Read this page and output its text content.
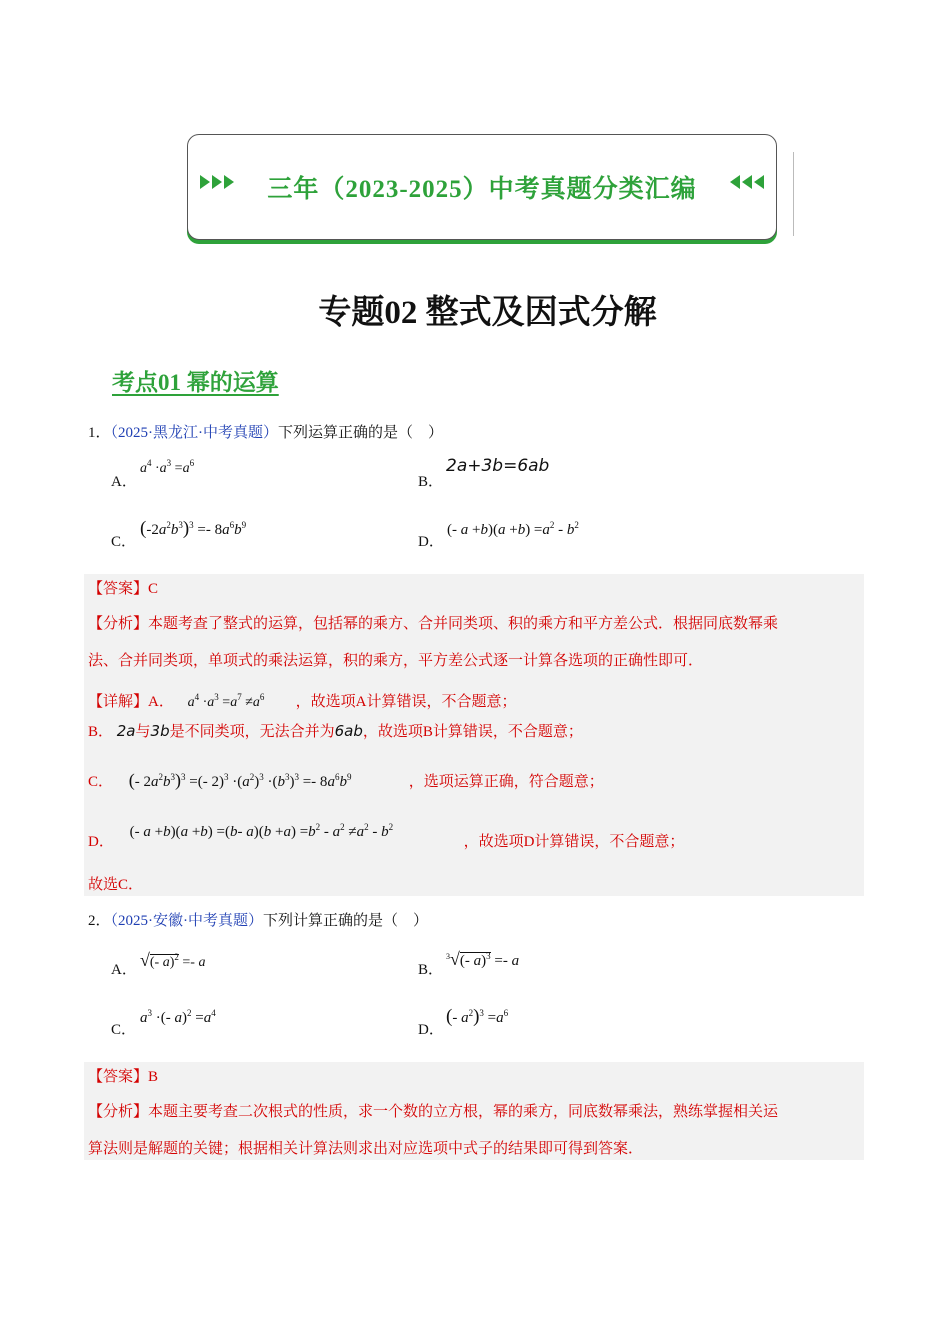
三年（2023-2025）中考真题分类汇编
专题02 整式及因式分解
考点01 幂的运算
1．（2025·黑龙江·中考真题）下列运算正确的是（　）
A．
$a^4 \cdot a^3 =a^6$
B．
2a+3b=6ab
C．
$(-2a^2b^3)^3 =- 8a^6b^9$
D．
(- $a +b)(a +b) =a^2 - b^2$
【答案】C
【分析】本题考查了整式的运算，包括幂的乘方、合并同类项、积的乘方和平方差公式．根据同底数幂乘
法、合并同类项，单项式的乘法运算，积的乘方，平方差公式逐一计算各选项的正确性即可．
【详解】A． $a^4 \cdot a^3 =a^7 \ne a^6$ ，故选项A计算错误，不合题意；
B． 2a与3b是不同类项，无法合并为6ab，故选项B计算错误，不合题意；
C． (- $2a^2b^3)^3$ =(- $2)^3 \cdot(a^2)^3 \cdot(b^3)^3 =- 8a^6b^9$	，选项运算正确，符合题意；
D． (- a +b)(a +b) =(b- $a)(b +a) =b^2 - a^2 \ne a^2 - b^2$，故选项D计算错误，不合题意；
故选C．
2．（2025·安徽·中考真题）下列计算正确的是（　）
A． √(- a)$^2$ =- a	B．
$^3$√(- a)$^3$ =- a
C．
$a^3$ ·(- $a)^2 =a^4$
D．
(- $a^2)^3 =a^6$
【答案】B
【分析】本题主要考查二次根式的性质，求一个数的立方根，幂的乘方，同底数幂乘法，熟练掌握相关运
算法则是解题的关键；根据相关计算法则求出对应选项中式子的结果即可得到答案．
